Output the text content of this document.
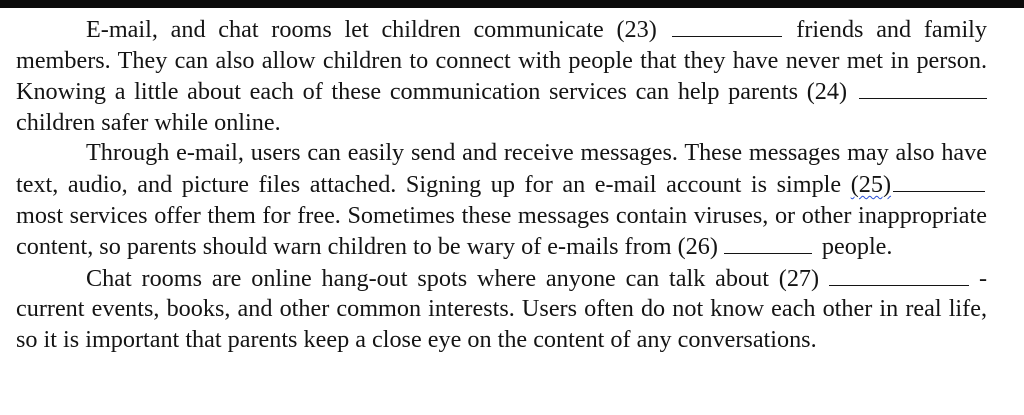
E-mail, and chat rooms let children communicate (23)	friends and family members. They can also allow children to connect with people that they have never met in person. Knowing a little about each of these communication services can help parents (24)children safer while online.

Through e-mail, users can easily send and receive messages. These messages may also have text, audio, and picture files attached. Signing up for an e-mail account is simple (25) most services offer them for free. Sometimes these messages contain viruses, or other inappropriate content, so parents should warn children to be wary of e-mails from (26)	people.

Chat rooms are online hang-out spots where anyone can talk about (27)	- current events, books, and other common interests. Users often do not know each other in real life, so it is important that parents keep a close eye on the content of any conversations.
